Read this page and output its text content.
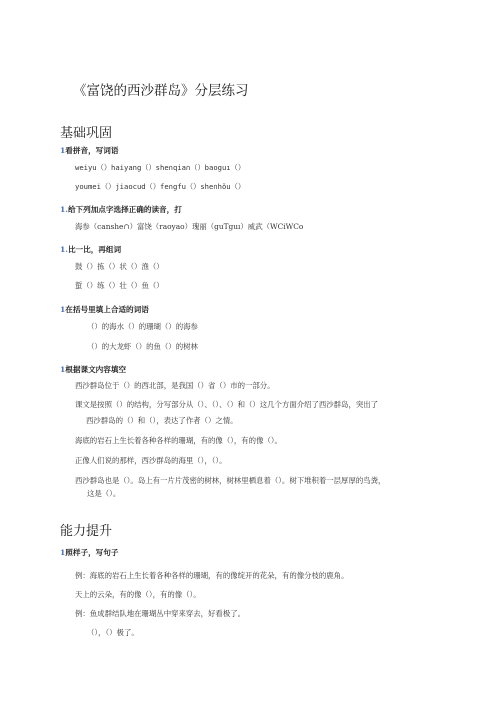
《富饶的西沙群岛》分层练习
基础巩固
1看拼音，写词语
weiyu（）haiyang（）she∩qia∩（）baoguı（）
youmei（）jiaocud（）fe∩gfu（）she∩hǒu（）
1.给下列加点字选择正确的读音，打
海参（canshe∩）富饶（raoyao）瑰丽（guTguı）威武（WCiWCo
1.比一比，再组词
鼓（）拣（）状（）渔（）
蜇（）练（）壮（）鱼（）
1在括号里填上合适的词语
（）的海水（）的珊瑚（）的海参
（）的大龙虾（）的鱼（）的树林
1根据课文内容填空
西沙群岛位于（）的西北部，是我国（）省（）市的一部分。
课文是按照（）的结构，分写部分从（）、（）、（）和（）这几个方面介绍了西沙群岛，突出了
西沙群岛的（）和（），表达了作者（）之情。
海底的岩石上生长着各种各样的珊瑚，有的像（），有的像（）。
正像人们说的那样，西沙群岛的海里（），（）。
西沙群岛也是（）。岛上有一片片茂密的树林，树林里栖息着（）。树下堆积着一层厚厚的鸟粪，
这是（）。
能力提升
1照样子，写句子
例：海底的岩石上生长着各种各样的珊瑚，有的像绽开的花朵，有的像分枝的鹿角。
天上的云朵，有的像（），有的像（）。
例：鱼成群结队地在珊瑚丛中穿来穿去，好看极了。
（），（）极了。
